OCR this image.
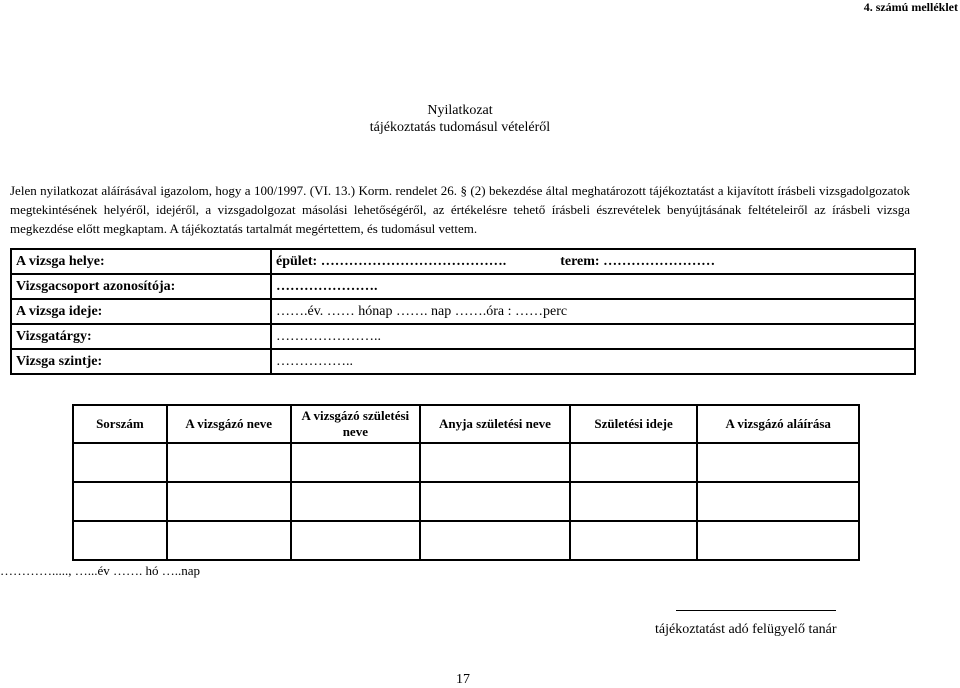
4. számú melléklet
Nyilatkozat
tájékoztatás tudomásul vételéről
Jelen nyilatkozat aláírásával igazolom, hogy a 100/1997. (VI. 13.) Korm. rendelet 26. § (2) bekezdése által meghatározott tájékoztatást a kijavított írásbeli vizsgadolgozatok megtekintésének helyéről, idejéről, a vizsgadolgozat másolási lehetőségéről, az értékelésre tehető írásbeli észrevételek benyújtásának feltételeiről az írásbeli vizsga megkezdése előtt megkaptam. A tájékoztatás tartalmát megértettem, és tudomásul vettem.
A vizsga helye:	épület: …………………………………. terem: ……………………
Vizsgacsoport azonosítója:	………………….
A vizsga ideje:	…….év. …… hónap ……. nap …….óra : ……perc
Vizsgatárgy:	…………………..
Vizsga szintje:	……………..
Sorszám	A vizsgázó neve	A vizsgázó születési neve	Anyja születési neve	Születési ideje	A vizsgázó aláírása

…………....., …...év ……. hó …..nap
tájékoztatást adó felügyelő tanár
17
